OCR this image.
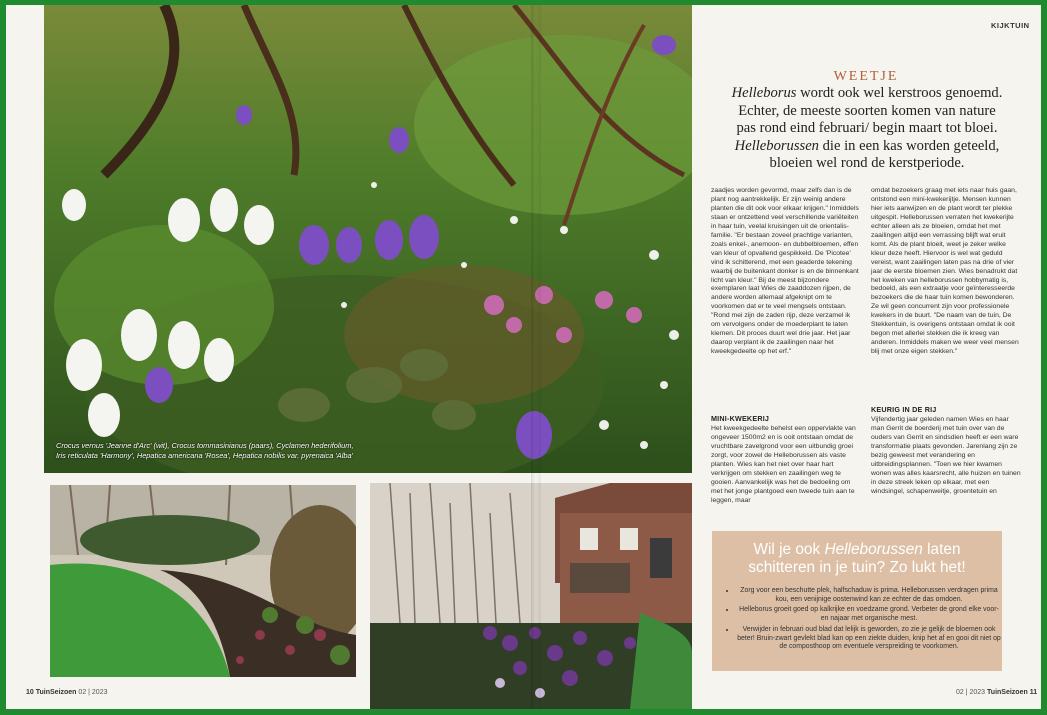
Crocus vernus 'Jeanne d'Arc' (wit), Crocus tommasinianus (paars), Cyclamen hederifolium, Iris reticulata 'Harmony', Hepatica americana 'Rosea', Hepatica nobilis var. pyrenaica 'Alba'
KIJKTUIN
WEETJE
Helleborus wordt ook wel kerstroos genoemd.
Echter, de meeste soorten komen van nature
pas rond eind februari/ begin maart tot bloei.
Helleborussen die in een kas worden geteeld,
bloeien wel rond de kerstperiode.

zaadjes worden gevormd, maar zelfs dan is de plant nog aantrekkelijk. Er zijn weinig andere planten die dit ook voor elkaar krijgen." Inmiddels staan er ontzettend veel verschillende variëteiten in haar tuin, veelal kruisingen uit de orientalis-familie. "Er bestaan zoveel prachtige varianten, zoals enkel-, anemoon- en dubbelbloemen, effen van kleur of opvallend gespikkeld. De 'Picotee' vind ik schitterend, met een geaderde tekening waarbij de buitenkant donker is en de binnenkant licht van kleur." Bij de meest bijzondere exemplaren laat Wies de zaaddozen rijpen, de andere worden allemaal afgeknipt om te voorkomen dat er te veel mengsels ontstaan. "Rond mei zijn de zaden rijp, deze verzamel ik om vervolgens onder de moederplant te laten kiemen. Dit proces duurt wel drie jaar. Het jaar daarop verplant ik de zaailingen naar het kweekgedeelte op het erf."

MINI-KWEKERIJ

Het kweekgedeelte behelst een oppervlakte van ongeveer 1500m2 en is ooit ontstaan omdat de vruchtbare zavelgrond voor een uitbundig groei zorgt, voor zowel de Helleborussen als vaste planten. Wies kan het niet over haar hart verkrijgen om stekken en zaailingen weg te gooien. Aanvankelijk was het de bedoeling om met het jonge plantgoed een tweede tuin aan te leggen, maar

omdat bezoekers graag met iets naar huis gaan, ontstond een mini-kwekerijtje. Mensen kunnen hier iets aanwijzen en de plant wordt ter plekke uitgespit. Helleborussen verraten het kwekerijte echter alleen als ze bloeien, omdat het met zaailingen altijd een verrassing blijft wat eruit komt. Als de plant bloeit, weet je zeker welke kleur deze heeft. Hiervoor is wel wat geduld vereist, want zaailingen laten pas na drie of vier jaar de eerste bloemen zien. Wies benadrukt dat het kweken van helleborussen hobbymatig is, bedoeld, als een extraatje voor geïnteresseerde bezoekers die de haar tuin komen bewonderen. Ze wil geen concurrent zijn voor professionele kwekers in de buurt. "De naam van de tuin, De Stekkentuin, is overigens ontstaan omdat ik ooit begon met allerlei stekken die ik kreeg van anderen. Inmiddels maken we weer veel mensen blij met onze eigen stekken."

KEURIG IN DE RIJ

Vijfendertig jaar geleden namen Wies en haar man Gerrit de boerderij met tuin over van de ouders van Gerrit en sindsdien heeft er een ware transformatie plaats gevonden. Jarenlang zijn ze bezig geweest met verandering en uitbreidingsplannen. "Toen we hier kwamen wonen was alles kaarsrecht, alle huizen en tuinen in deze streek leken op elkaar, met een windsingel, schapenweitje, groentetuin en

Wil je ook Helleborussen laten
schitteren in je tuin? Zo lukt het!
• Zorg voor een beschutte plek, halfschaduw is prima. Helleborussen verdragen prima kou, een venijnige oostenwind kan ze echter de das omdoen.
• Helleborus groeit goed op kalkrijke en voedzame grond. Verbeter de grond elke voor- en najaar met organische mest.
• Verwijder in februari oud blad dat lelijk is geworden, zo zie je gelijk de bloemen ook beter! Bruin-zwart gevlekt blad kan op een ziekte duiden, knip het af en gooi dit niet op de composthoop om eventuele verspreiding te voorkomen.
10 TuinSeizoen 02 | 2023	02 | 2023 TuinSeizoen 11
